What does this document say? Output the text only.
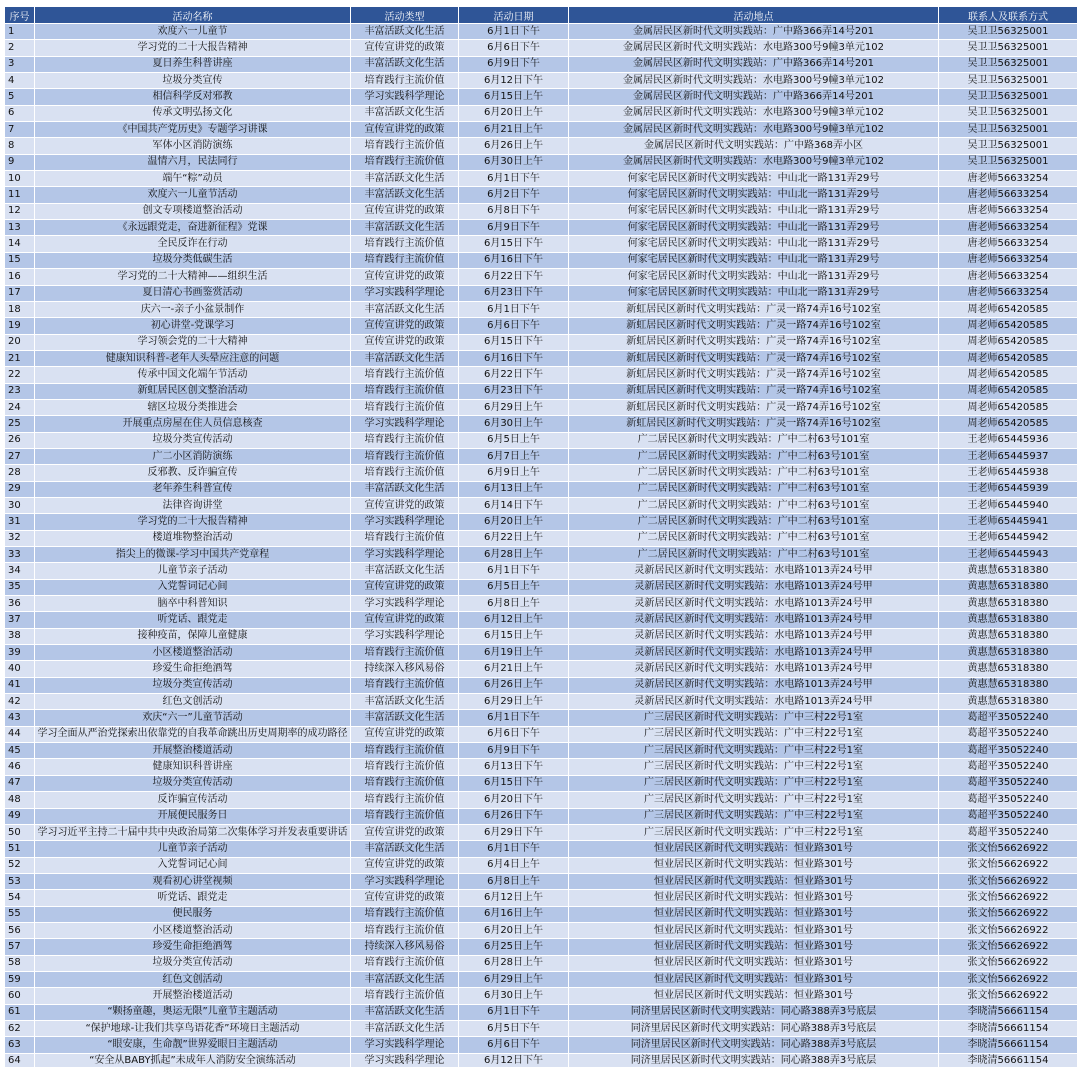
序号	活动名称	活动类型	活动日期	活动地点	联系人及联系方式
1	欢度六一儿童节	丰富活跃文化生活	6月1日下午	金属居民区新时代文明实践站：广中路366弄14号201	吴卫卫56325001
2	学习党的二十大报告精神	宣传宣讲党的政策	6月6日下午	金属居民区新时代文明实践站：水电路300号9幢3单元102	吴卫卫56325001
3	夏日养生科普讲座	丰富活跃文化生活	6月9日下午	金属居民区新时代文明实践站：广中路366弄14号201	吴卫卫56325001
4	垃圾分类宣传	培育践行主流价值	6月12日下午	金属居民区新时代文明实践站：水电路300号9幢3单元102	吴卫卫56325001
5	相信科学反对邪教	学习实践科学理论	6月15日上午	金属居民区新时代文明实践站：广中路366弄14号201	吴卫卫56325001
6	传承文明弘扬文化	丰富活跃文化生活	6月20日上午	金属居民区新时代文明实践站：水电路300号9幢3单元102	吴卫卫56325001
7	《中国共产党历史》专题学习讲课	宣传宣讲党的政策	6月21日上午	金属居民区新时代文明实践站：水电路300号9幢3单元102	吴卫卫56325001
8	军体小区消防演练	培育践行主流价值	6月26日上午	金属居民区新时代文明实践站：广中路368弄小区	吴卫卫56325001
9	温情六月，民法同行	培育践行主流价值	6月30日上午	金属居民区新时代文明实践站：水电路300号9幢3单元102	吴卫卫56325001
10	端午“粽”动员	丰富活跃文化生活	6月1日下午	何家宅居民区新时代文明实践站：中山北一路131弄29号	唐老师56633254
11	欢度六一儿童节活动	丰富活跃文化生活	6月2日下午	何家宅居民区新时代文明实践站：中山北一路131弄29号	唐老师56633254
12	创文专项楼道整治活动	宣传宣讲党的政策	6月8日下午	何家宅居民区新时代文明实践站：中山北一路131弄29号	唐老师56633254
13	《永远跟党走，奋进新征程》党课	丰富活跃文化生活	6月9日下午	何家宅居民区新时代文明实践站：中山北一路131弄29号	唐老师56633254
14	全民反诈在行动	培育践行主流价值	6月15日下午	何家宅居民区新时代文明实践站：中山北一路131弄29号	唐老师56633254
15	垃圾分类低碳生活	培育践行主流价值	6月16日下午	何家宅居民区新时代文明实践站：中山北一路131弄29号	唐老师56633254
16	学习党的二十大精神——组织生活	宣传宣讲党的政策	6月22日下午	何家宅居民区新时代文明实践站：中山北一路131弄29号	唐老师56633254
17	夏日清心书画鉴赏活动	学习实践科学理论	6月23日下午	何家宅居民区新时代文明实践站：中山北一路131弄29号	唐老师56633254
18	庆六一-亲子小盆景制作	丰富活跃文化生活	6月1日下午	新虹居民区新时代文明实践站：广灵一路74弄16号102室	周老师65420585
19	初心讲堂-党课学习	宣传宣讲党的政策	6月6日下午	新虹居民区新时代文明实践站：广灵一路74弄16号102室	周老师65420585
20	学习领会党的二十大精神	宣传宣讲党的政策	6月15日下午	新虹居民区新时代文明实践站：广灵一路74弄16号102室	周老师65420585
21	健康知识科普-老年人头晕应注意的问题	丰富活跃文化生活	6月16日下午	新虹居民区新时代文明实践站：广灵一路74弄16号102室	周老师65420585
22	传承中国文化端午节活动	培育践行主流价值	6月22日下午	新虹居民区新时代文明实践站：广灵一路74弄16号102室	周老师65420585
23	新虹居民区创文整治活动	培育践行主流价值	6月23日下午	新虹居民区新时代文明实践站：广灵一路74弄16号102室	周老师65420585
24	辖区垃圾分类推进会	培育践行主流价值	6月29日上午	新虹居民区新时代文明实践站：广灵一路74弄16号102室	周老师65420585
25	开展重点房屋在住人员信息核查	学习实践科学理论	6月30日上午	新虹居民区新时代文明实践站：广灵一路74弄16号102室	周老师65420585
26	垃圾分类宣传活动	培育践行主流价值	6月5日上午	广二居民区新时代文明实践站：广中二村63号101室	王老师65445936
27	广二小区消防演练	培育践行主流价值	6月7日上午	广二居民区新时代文明实践站：广中二村63号101室	王老师65445937
28	反邪教、反诈骗宣传	培育践行主流价值	6月9日上午	广二居民区新时代文明实践站：广中二村63号101室	王老师65445938
29	老年养生科普宣传	丰富活跃文化生活	6月13日上午	广二居民区新时代文明实践站：广中二村63号101室	王老师65445939
30	法律咨询讲堂	宣传宣讲党的政策	6月14日下午	广二居民区新时代文明实践站：广中二村63号101室	王老师65445940
31	学习党的二十大报告精神	学习实践科学理论	6月20日上午	广二居民区新时代文明实践站：广中二村63号101室	王老师65445941
32	楼道堆物整治活动	培育践行主流价值	6月22日上午	广二居民区新时代文明实践站：广中二村63号101室	王老师65445942
33	指尖上的微课-学习中国共产党章程	学习实践科学理论	6月28日上午	广二居民区新时代文明实践站：广中二村63号101室	王老师65445943
34	儿童节亲子活动	丰富活跃文化生活	6月1日下午	灵新居民区新时代文明实践站：水电路1013弄24号甲	黄惠慧65318380
35	入党誓词记心间	宣传宣讲党的政策	6月5日上午	灵新居民区新时代文明实践站：水电路1013弄24号甲	黄惠慧65318380
36	脑卒中科普知识	学习实践科学理论	6月8日上午	灵新居民区新时代文明实践站：水电路1013弄24号甲	黄惠慧65318380
37	听党话、跟党走	宣传宣讲党的政策	6月12日上午	灵新居民区新时代文明实践站：水电路1013弄24号甲	黄惠慧65318380
38	接种疫苗，保障儿童健康	学习实践科学理论	6月15日上午	灵新居民区新时代文明实践站：水电路1013弄24号甲	黄惠慧65318380
39	小区楼道整治活动	培育践行主流价值	6月19日上午	灵新居民区新时代文明实践站：水电路1013弄24号甲	黄惠慧65318380
40	珍爱生命拒绝酒驾	持续深入移风易俗	6月21日上午	灵新居民区新时代文明实践站：水电路1013弄24号甲	黄惠慧65318380
41	垃圾分类宣传活动	培育践行主流价值	6月26日上午	灵新居民区新时代文明实践站：水电路1013弄24号甲	黄惠慧65318380
42	红色文创活动	丰富活跃文化生活	6月29日上午	灵新居民区新时代文明实践站：水电路1013弄24号甲	黄惠慧65318380
43	欢庆“六一”儿童节活动	丰富活跃文化生活	6月1日下午	广三居民区新时代文明实践站：广中三村22号1室	葛超平35052240
44	学习全面从严治党探索出依靠党的自我革命跳出历史周期率的成功路径	宣传宣讲党的政策	6月6日下午	广三居民区新时代文明实践站：广中三村22号1室	葛超平35052240
45	开展整治楼道活动	培育践行主流价值	6月9日下午	广三居民区新时代文明实践站：广中三村22号1室	葛超平35052240
46	健康知识科普讲座	培育践行主流价值	6月13日下午	广三居民区新时代文明实践站：广中三村22号1室	葛超平35052240
47	垃圾分类宣传活动	培育践行主流价值	6月15日下午	广三居民区新时代文明实践站：广中三村22号1室	葛超平35052240
48	反诈骗宣传活动	培育践行主流价值	6月20日下午	广三居民区新时代文明实践站：广中三村22号1室	葛超平35052240
49	开展便民服务日	培育践行主流价值	6月26日下午	广三居民区新时代文明实践站：广中三村22号1室	葛超平35052240
50	学习习近平主持二十届中共中央政治局第二次集体学习并发表重要讲话	宣传宣讲党的政策	6月29日下午	广三居民区新时代文明实践站：广中三村22号1室	葛超平35052240
51	儿童节亲子活动	丰富活跃文化生活	6月1日下午	恒业居民区新时代文明实践站：恒业路301号	张文怡56626922
52	入党誓词记心间	宣传宣讲党的政策	6月4日上午	恒业居民区新时代文明实践站：恒业路301号	张文怡56626922
53	观看初心讲堂视频	学习实践科学理论	6月8日上午	恒业居民区新时代文明实践站：恒业路301号	张文怡56626922
54	听党话、跟党走	宣传宣讲党的政策	6月12日上午	恒业居民区新时代文明实践站：恒业路301号	张文怡56626922
55	便民服务	培育践行主流价值	6月16日上午	恒业居民区新时代文明实践站：恒业路301号	张文怡56626922
56	小区楼道整治活动	培育践行主流价值	6月20日上午	恒业居民区新时代文明实践站：恒业路301号	张文怡56626922
57	珍爱生命拒绝酒驾	持续深入移风易俗	6月25日上午	恒业居民区新时代文明实践站：恒业路301号	张文怡56626922
58	垃圾分类宣传活动	培育践行主流价值	6月28日上午	恒业居民区新时代文明实践站：恒业路301号	张文怡56626922
59	红色文创活动	丰富活跃文化生活	6月29日上午	恒业居民区新时代文明实践站：恒业路301号	张文怡56626922
60	开展整治楼道活动	培育践行主流价值	6月30日上午	恒业居民区新时代文明实践站：恒业路301号	张文怡56626922
61	“颗扬童趣，奥运无限”儿童节主题活动	丰富活跃文化生活	6月1日下午	同济里居民区新时代文明实践站：同心路388弄3号底层	李晓清56661154
62	“保护地球-让我们共享鸟语花香”环境日主题活动	丰富活跃文化生活	6月5日下午	同济里居民区新时代文明实践站：同心路388弄3号底层	李晓清56661154
63	“眼安康，生命靓”世界爱眼日主题活动	学习实践科学理论	6月6日下午	同济里居民区新时代文明实践站：同心路388弄3号底层	李晓清56661154
64	“安全从BABY抓起”未成年人消防安全演练活动	学习实践科学理论	6月12日下午	同济里居民区新时代文明实践站：同心路388弄3号底层	李晓清56661154
